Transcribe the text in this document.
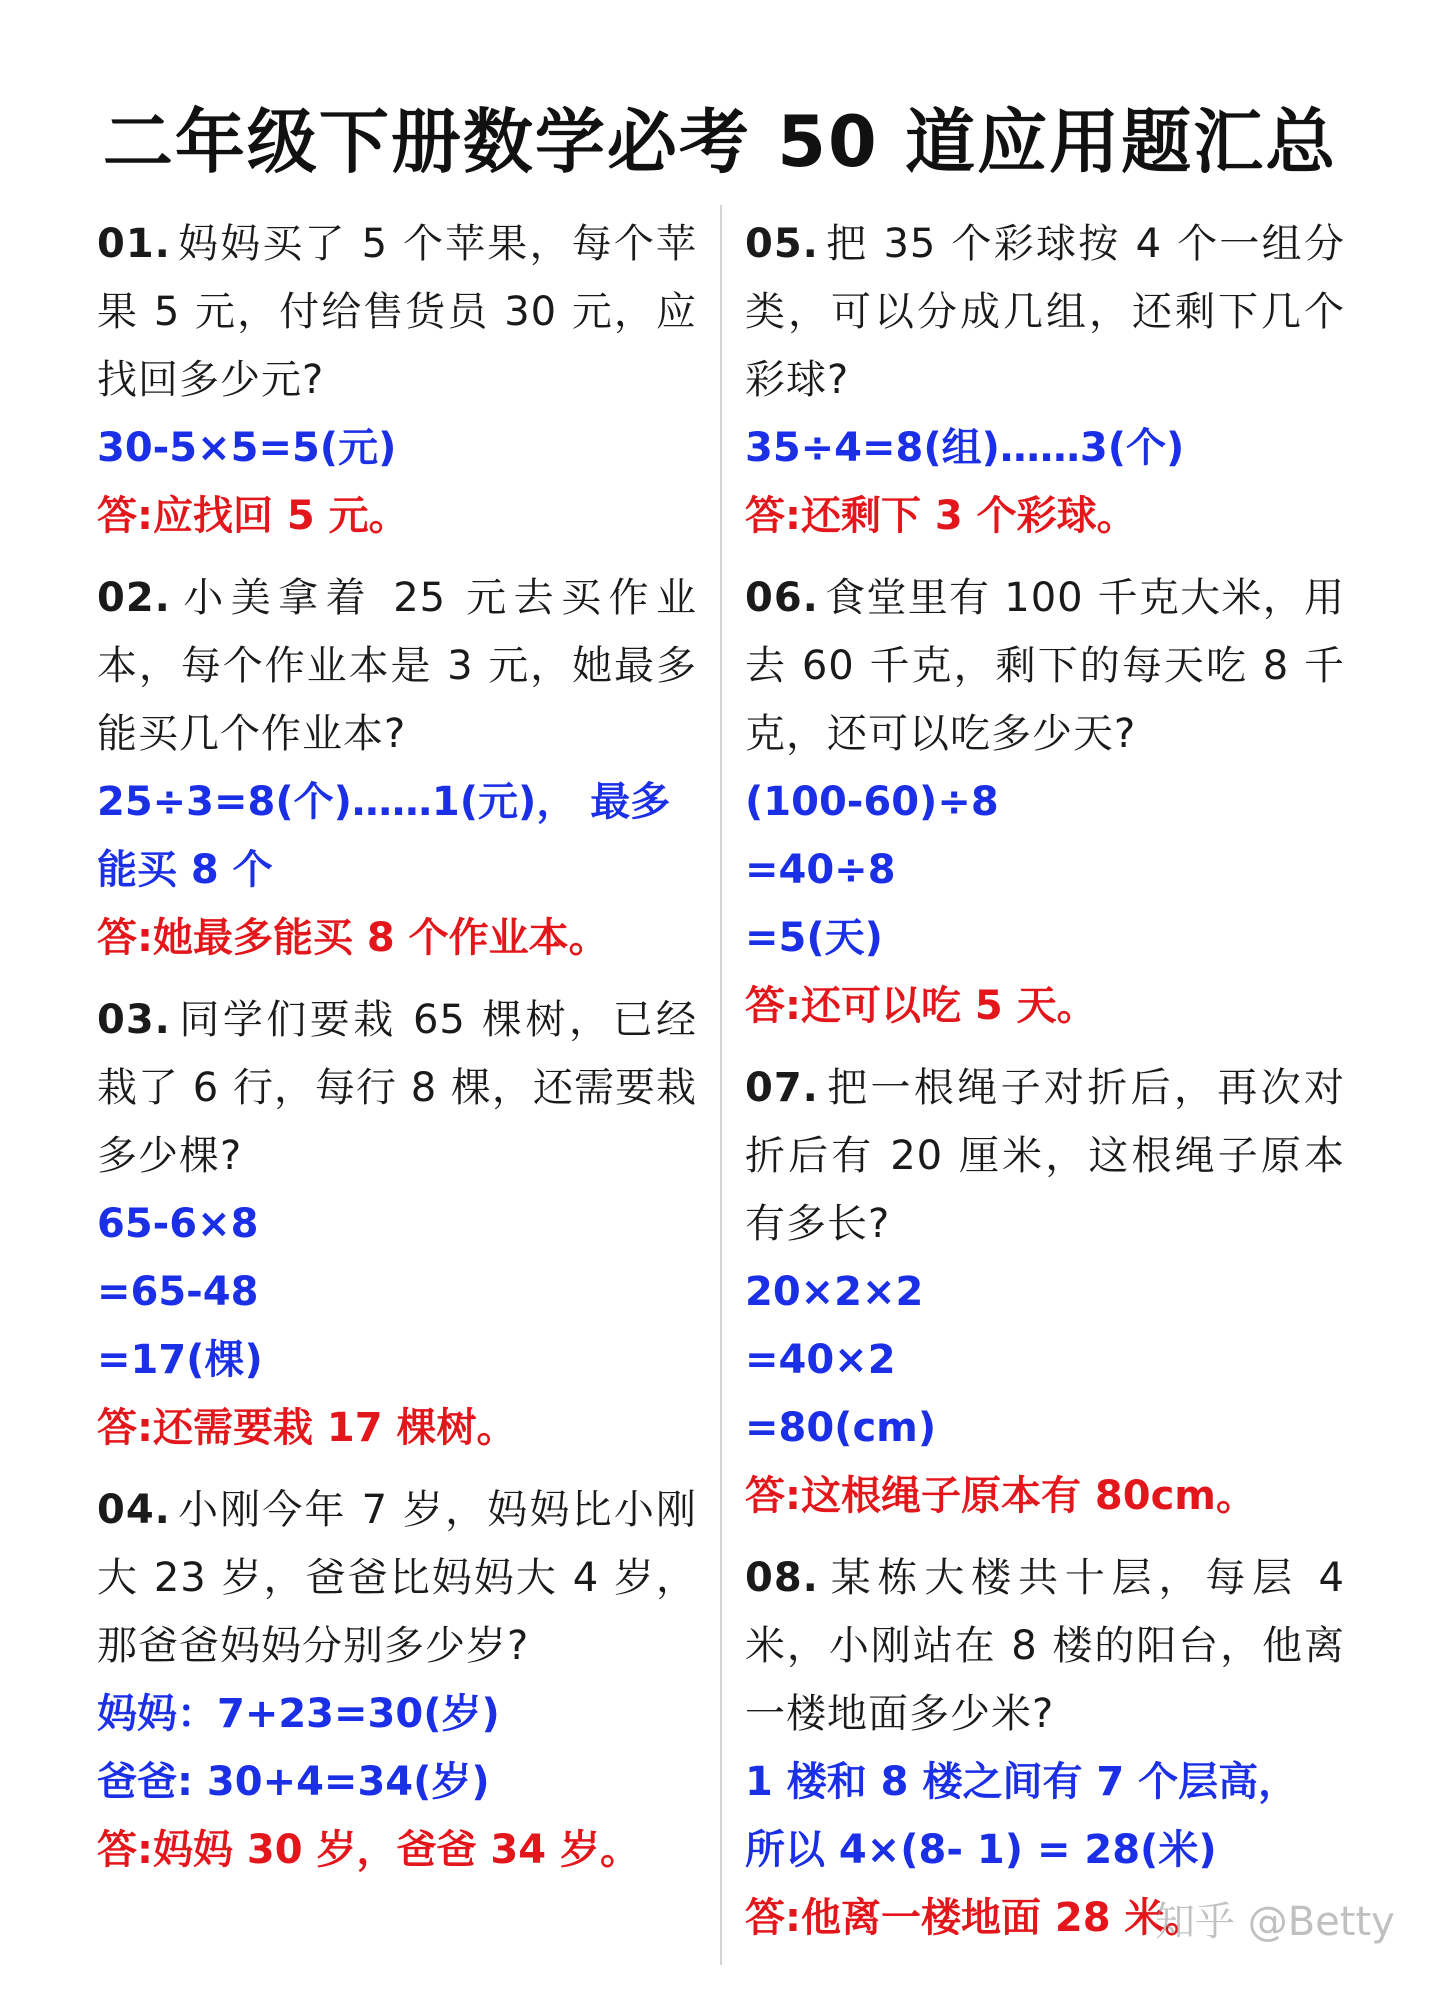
二年级下册数学必考 50 道应用题汇总

01. 妈妈买了 5 个苹果，每个苹果 5 元，付给售货员 30 元，应找回多少元?

30-5×5=5(元)

答:应找回 5 元。

02. 小美拿着 25 元去买作业本，每个作业本是 3 元，她最多能买几个作业本?

25÷3=8(个)……1(元)， 最多能买 8 个

答:她最多能买 8 个作业本。

03. 同学们要栽 65 棵树，已经栽了 6 行，每行 8 棵，还需要栽多少棵?

65-6×8

=65-48

=17(棵)

答:还需要栽 17 棵树。

04. 小刚今年 7 岁，妈妈比小刚大 23 岁，爸爸比妈妈大 4 岁，那爸爸妈妈分别多少岁?

妈妈：7+23=30(岁)

爸爸: 30+4=34(岁)

答:妈妈 30 岁，爸爸 34 岁。

05. 把 35 个彩球按 4 个一组分类，可以分成几组，还剩下几个彩球?

35÷4=8(组)……3(个)

答:还剩下 3 个彩球。

06. 食堂里有 100 千克大米，用去 60 千克，剩下的每天吃 8 千克，还可以吃多少天?

(100-60)÷8

=40÷8

=5(天)

答:还可以吃 5 天。

07. 把一根绳子对折后，再次对折后有 20 厘米，这根绳子原本有多长?

20×2×2

=40×2

=80(cm)

答:这根绳子原本有 80cm。

08. 某栋大楼共十层，每层 4 米，小刚站在 8 楼的阳台，他离一楼地面多少米?

1 楼和 8 楼之间有 7 个层高，

所以 4×(8- 1) = 28(米)

答:他离一楼地面 28 米。

知乎 @Betty
